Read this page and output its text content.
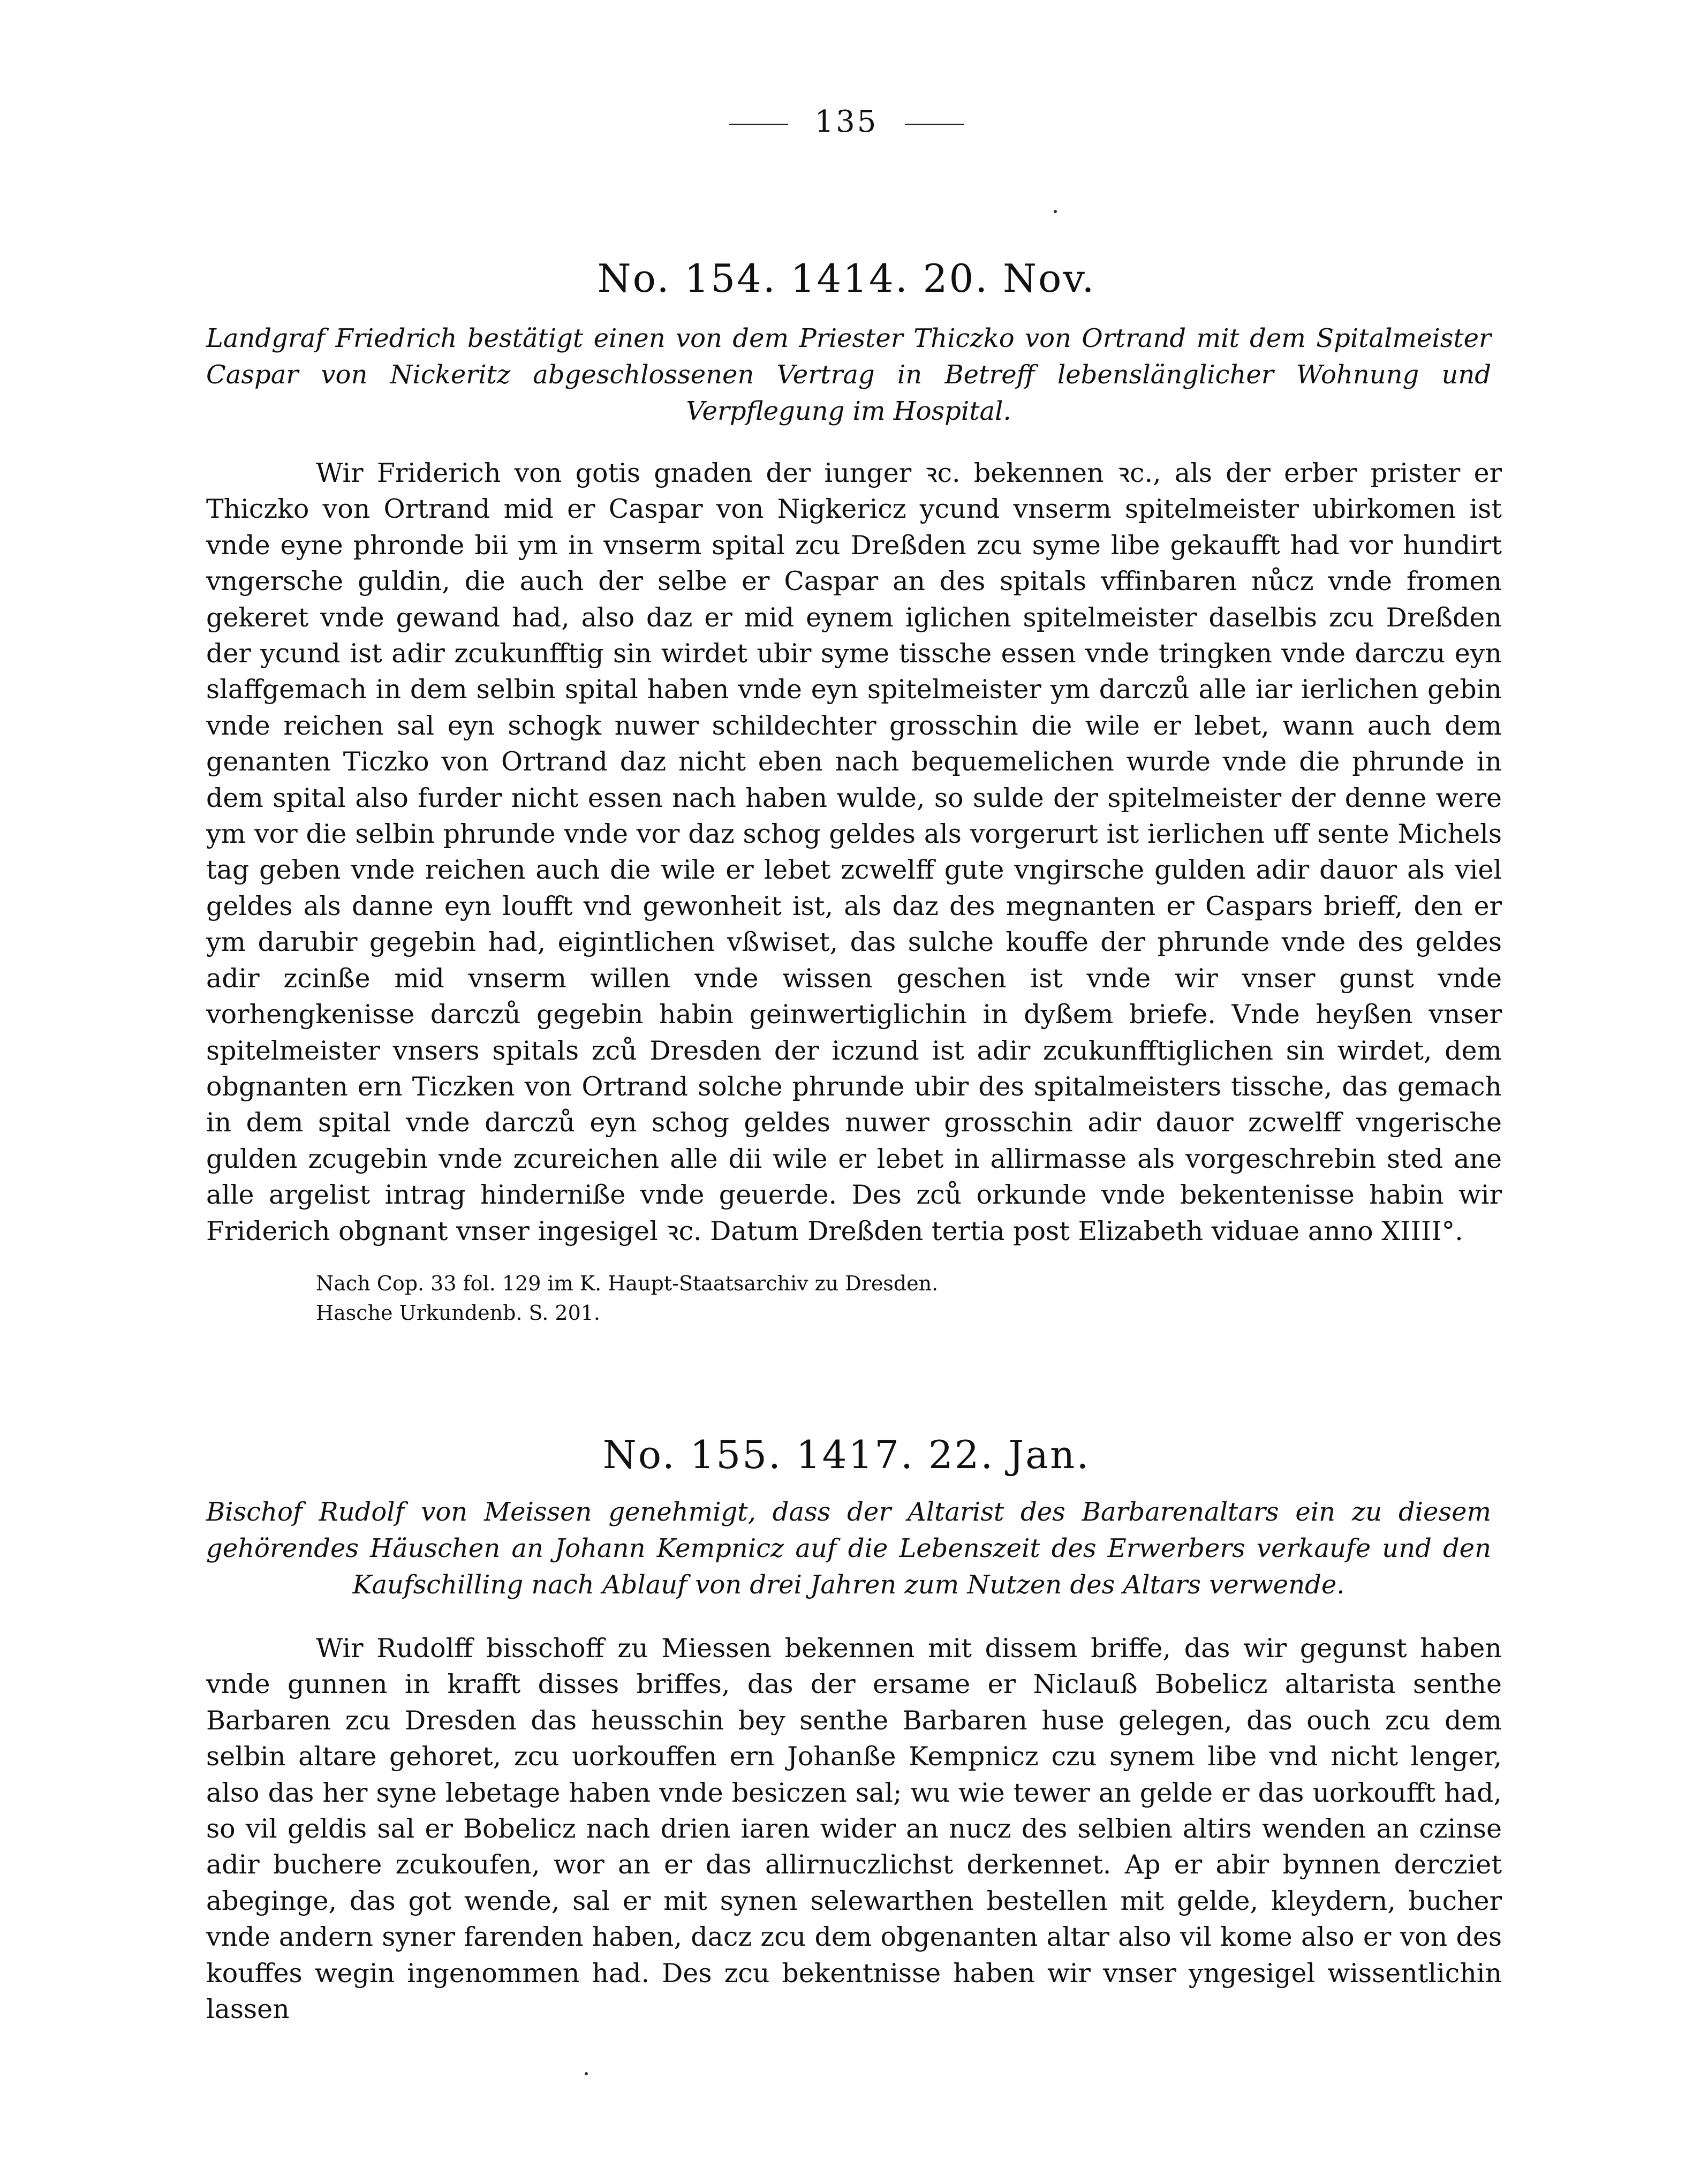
135
No. 154. 1414. 20. Nov.
Landgraf Friedrich bestätigt einen von dem Priester Thiczko von Ortrand mit dem Spitalmeister Caspar von Nickeritz abgeschlossenen Vertrag in Betreff lebenslänglicher Wohnung und Verpflegung im Hospital.

Wir Friderich von gotis gnaden der iunger ꝛc. bekennen ꝛc., als der erber prister er Thiczko von Ortrand mid er Caspar von Nigkericz ycund vnserm spitelmeister ubirkomen ist vnde eyne phronde bii ym in vnserm spital zcu Dreßden zcu syme libe gekaufft had vor hundirt vngersche guldin, die auch der selbe er Caspar an des spitals vffinbaren nůcz vnde fromen gekeret vnde gewand had, also daz er mid eynem iglichen spitelmeister daselbis zcu Dreßden der ycund ist adir zcukunfftig sin wirdet ubir syme tissche essen vnde tringken vnde darczu eyn slaffgemach in dem selbin spital haben vnde eyn spitelmeister ym darczů alle iar ierlichen gebin vnde reichen sal eyn schogk nuwer schildechter grosschin die wile er lebet, wann auch dem genanten Ticzko von Ortrand daz nicht eben nach bequemelichen wurde vnde die phrunde in dem spital also furder nicht essen nach haben wulde, so sulde der spitelmeister der denne were ym vor die selbin phrunde vnde vor daz schog geldes als vorgerurt ist ierlichen uff sente Michels tag geben vnde reichen auch die wile er lebet zcwelff gute vngirsche gulden adir dauor als viel geldes als danne eyn loufft vnd gewonheit ist, als daz des megnanten er Caspars brieff, den er ym darubir gegebin had, eigintlichen vßwiset, das sulche kouffe der phrunde vnde des geldes adir zcinße mid vnserm willen vnde wissen geschen ist vnde wir vnser gunst vnde vorhengkenisse darczů gegebin habin geinwertiglichin in dyßem briefe. Vnde heyßen vnser spitelmeister vnsers spitals zců Dresden der iczund ist adir zcukunfftiglichen sin wirdet, dem obgnanten ern Ticzken von Ortrand solche phrunde ubir des spitalmeisters tissche, das gemach in dem spital vnde darczů eyn schog geldes nuwer grosschin adir dauor zcwelff vngerische gulden zcugebin vnde zcureichen alle dii wile er lebet in allirmasse als vorgeschrebin sted ane alle argelist intrag hinderniße vnde geuerde. Des zců orkunde vnde bekentenisse habin wir Friderich obgnant vnser ingesigel ꝛc. Datum Dreßden tertia post Elizabeth viduae anno XIIII°.

Nach Cop. 33 fol. 129 im K. Haupt-Staatsarchiv zu Dresden.
Hasche Urkundenb. S. 201.
No. 155. 1417. 22. Jan.
Bischof Rudolf von Meissen genehmigt, dass der Altarist des Barbarenaltars ein zu diesem gehörendes Häuschen an Johann Kempnicz auf die Lebenszeit des Erwerbers verkaufe und den Kaufschilling nach Ablauf von drei Jahren zum Nutzen des Altars verwende.

Wir Rudolff bisschoff zu Miessen bekennen mit dissem briffe, das wir gegunst haben vnde gunnen in krafft disses briffes, das der ersame er Niclauß Bobelicz altarista senthe Barbaren zcu Dresden das heusschin bey senthe Barbaren huse gelegen, das ouch zcu dem selbin altare gehoret, zcu uorkouffen ern Johanße Kempnicz czu synem libe vnd nicht lenger, also das her syne lebetage haben vnde besiczen sal; wu wie tewer an gelde er das uorkoufft had, so vil geldis sal er Bobelicz nach drien iaren wider an nucz des selbien altirs wenden an czinse adir buchere zcukoufen, wor an er das allirnuczlichst derkennet. Ap er abir bynnen dercziet abeginge, das got wende, sal er mit synen selewarthen bestellen mit gelde, kleydern, bucher vnde andern syner farenden haben, dacz zcu dem obgenanten altar also vil kome also er von des kouffes wegin ingenommen had. Des zcu bekentnisse haben wir vnser yngesigel wissentlichin lassen
